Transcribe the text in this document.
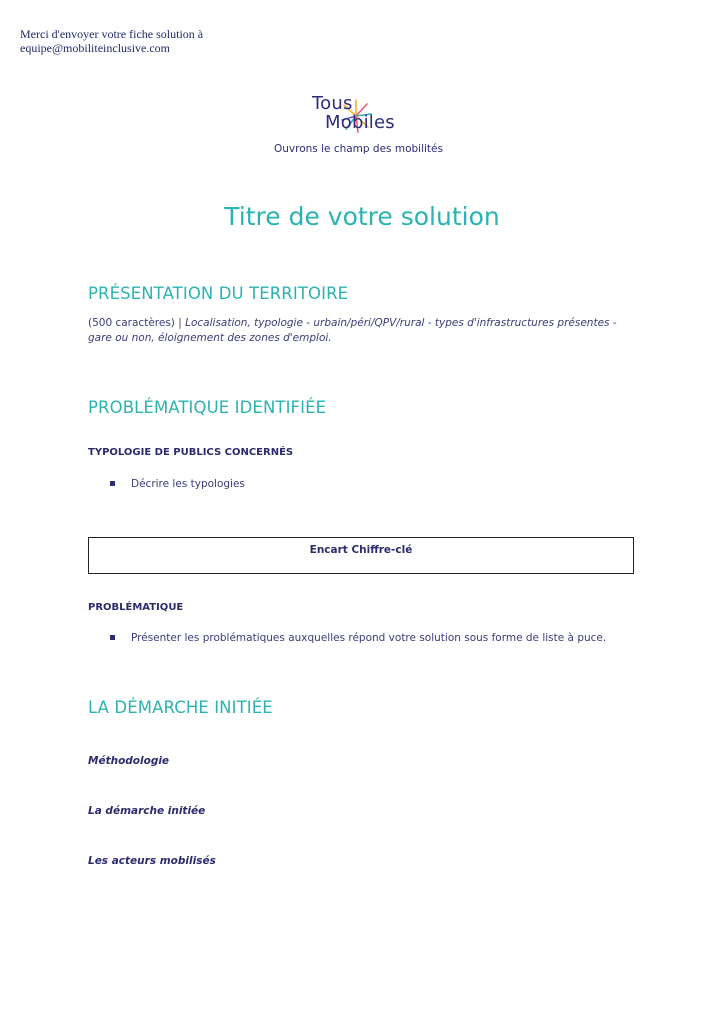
Merci d'envoyer votre fiche solution à
equipe@mobiliteinclusive.com
Tous
Mobiles
Ouvrons le champ des mobilités
Titre de votre solution
PRÉSENTATION DU TERRITOIRE
(500 caractères) | Localisation, typologie - urbain/péri/QPV/rural - types d'infrastructures présentes - gare ou non, éloignement des zones d'emploi.
PROBLÉMATIQUE IDENTIFIÉE
TYPOLOGIE DE PUBLICS CONCERNÉS
Décrire les typologies
Encart Chiffre-clé
PROBLÉMATIQUE
Présenter les problématiques auxquelles répond votre solution sous forme de liste à puce.
LA DÉMARCHE INITIÉE
Méthodologie
La démarche initiée
Les acteurs mobilisés
